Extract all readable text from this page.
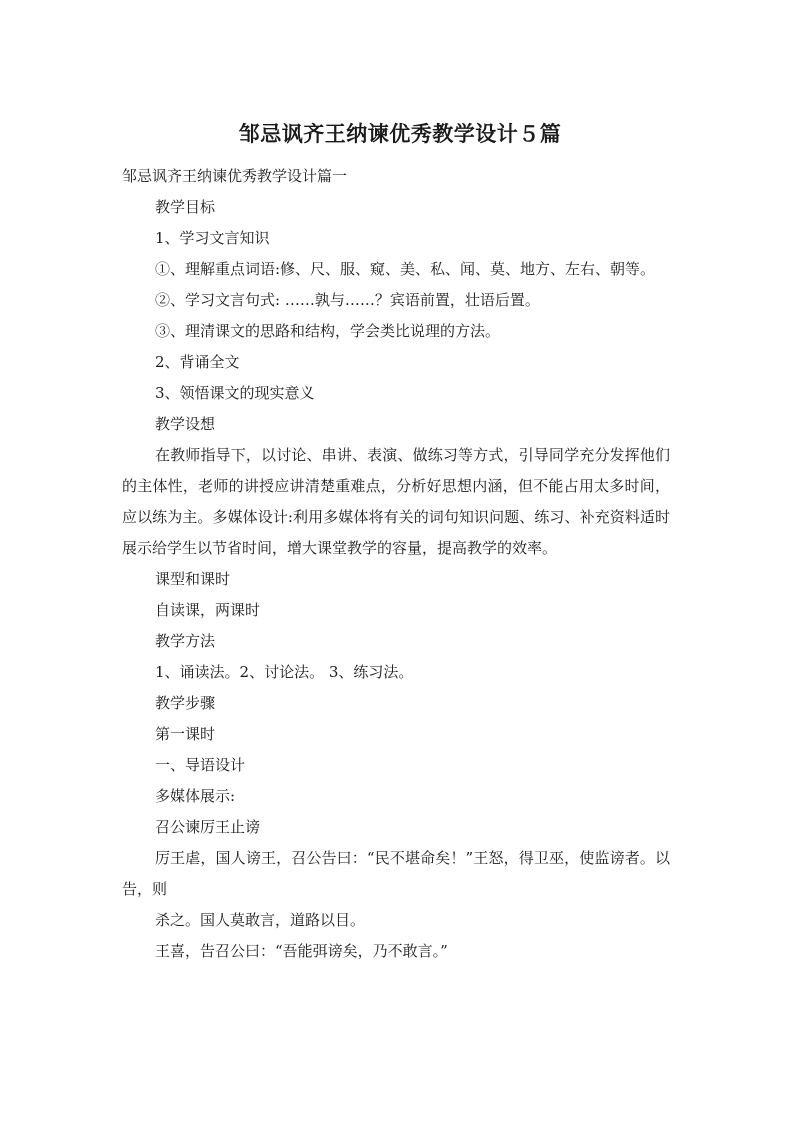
邹忌讽齐王纳谏优秀教学设计５篇

邹忌讽齐王纳谏优秀教学设计篇一

教学目标

1、学习文言知识

①、理解重点词语:修、尺、服、窥、美、私、闻、莫、地方、左右、朝等。

②、学习文言句式: ……孰与……？宾语前置，壮语后置。

③、理清课文的思路和结构，学会类比说理的方法。

2、背诵全文

3、领悟课文的现实意义

教学设想

在教师指导下，以讨论、串讲、表演、做练习等方式，引导同学充分发挥他们的主体性，老师的讲授应讲清楚重难点，分析好思想内涵，但不能占用太多时间，应以练为主。多媒体设计:利用多媒体将有关的词句知识问题、练习、补充资料适时展示给学生以节省时间，增大课堂教学的容量，提高教学的效率。

课型和课时

自读课，两课时

教学方法

1、诵读法。2、讨论法。 3、练习法。

教学步骤

第一课时

一、导语设计

多媒体展示:

召公谏厉王止谤

厉王虐，国人谤王，召公告曰：“民不堪命矣！”王怒，得卫巫，使监谤者。以告，则

杀之。国人莫敢言，道路以目。

王喜，告召公曰：“吾能弭谤矣，乃不敢言。”
